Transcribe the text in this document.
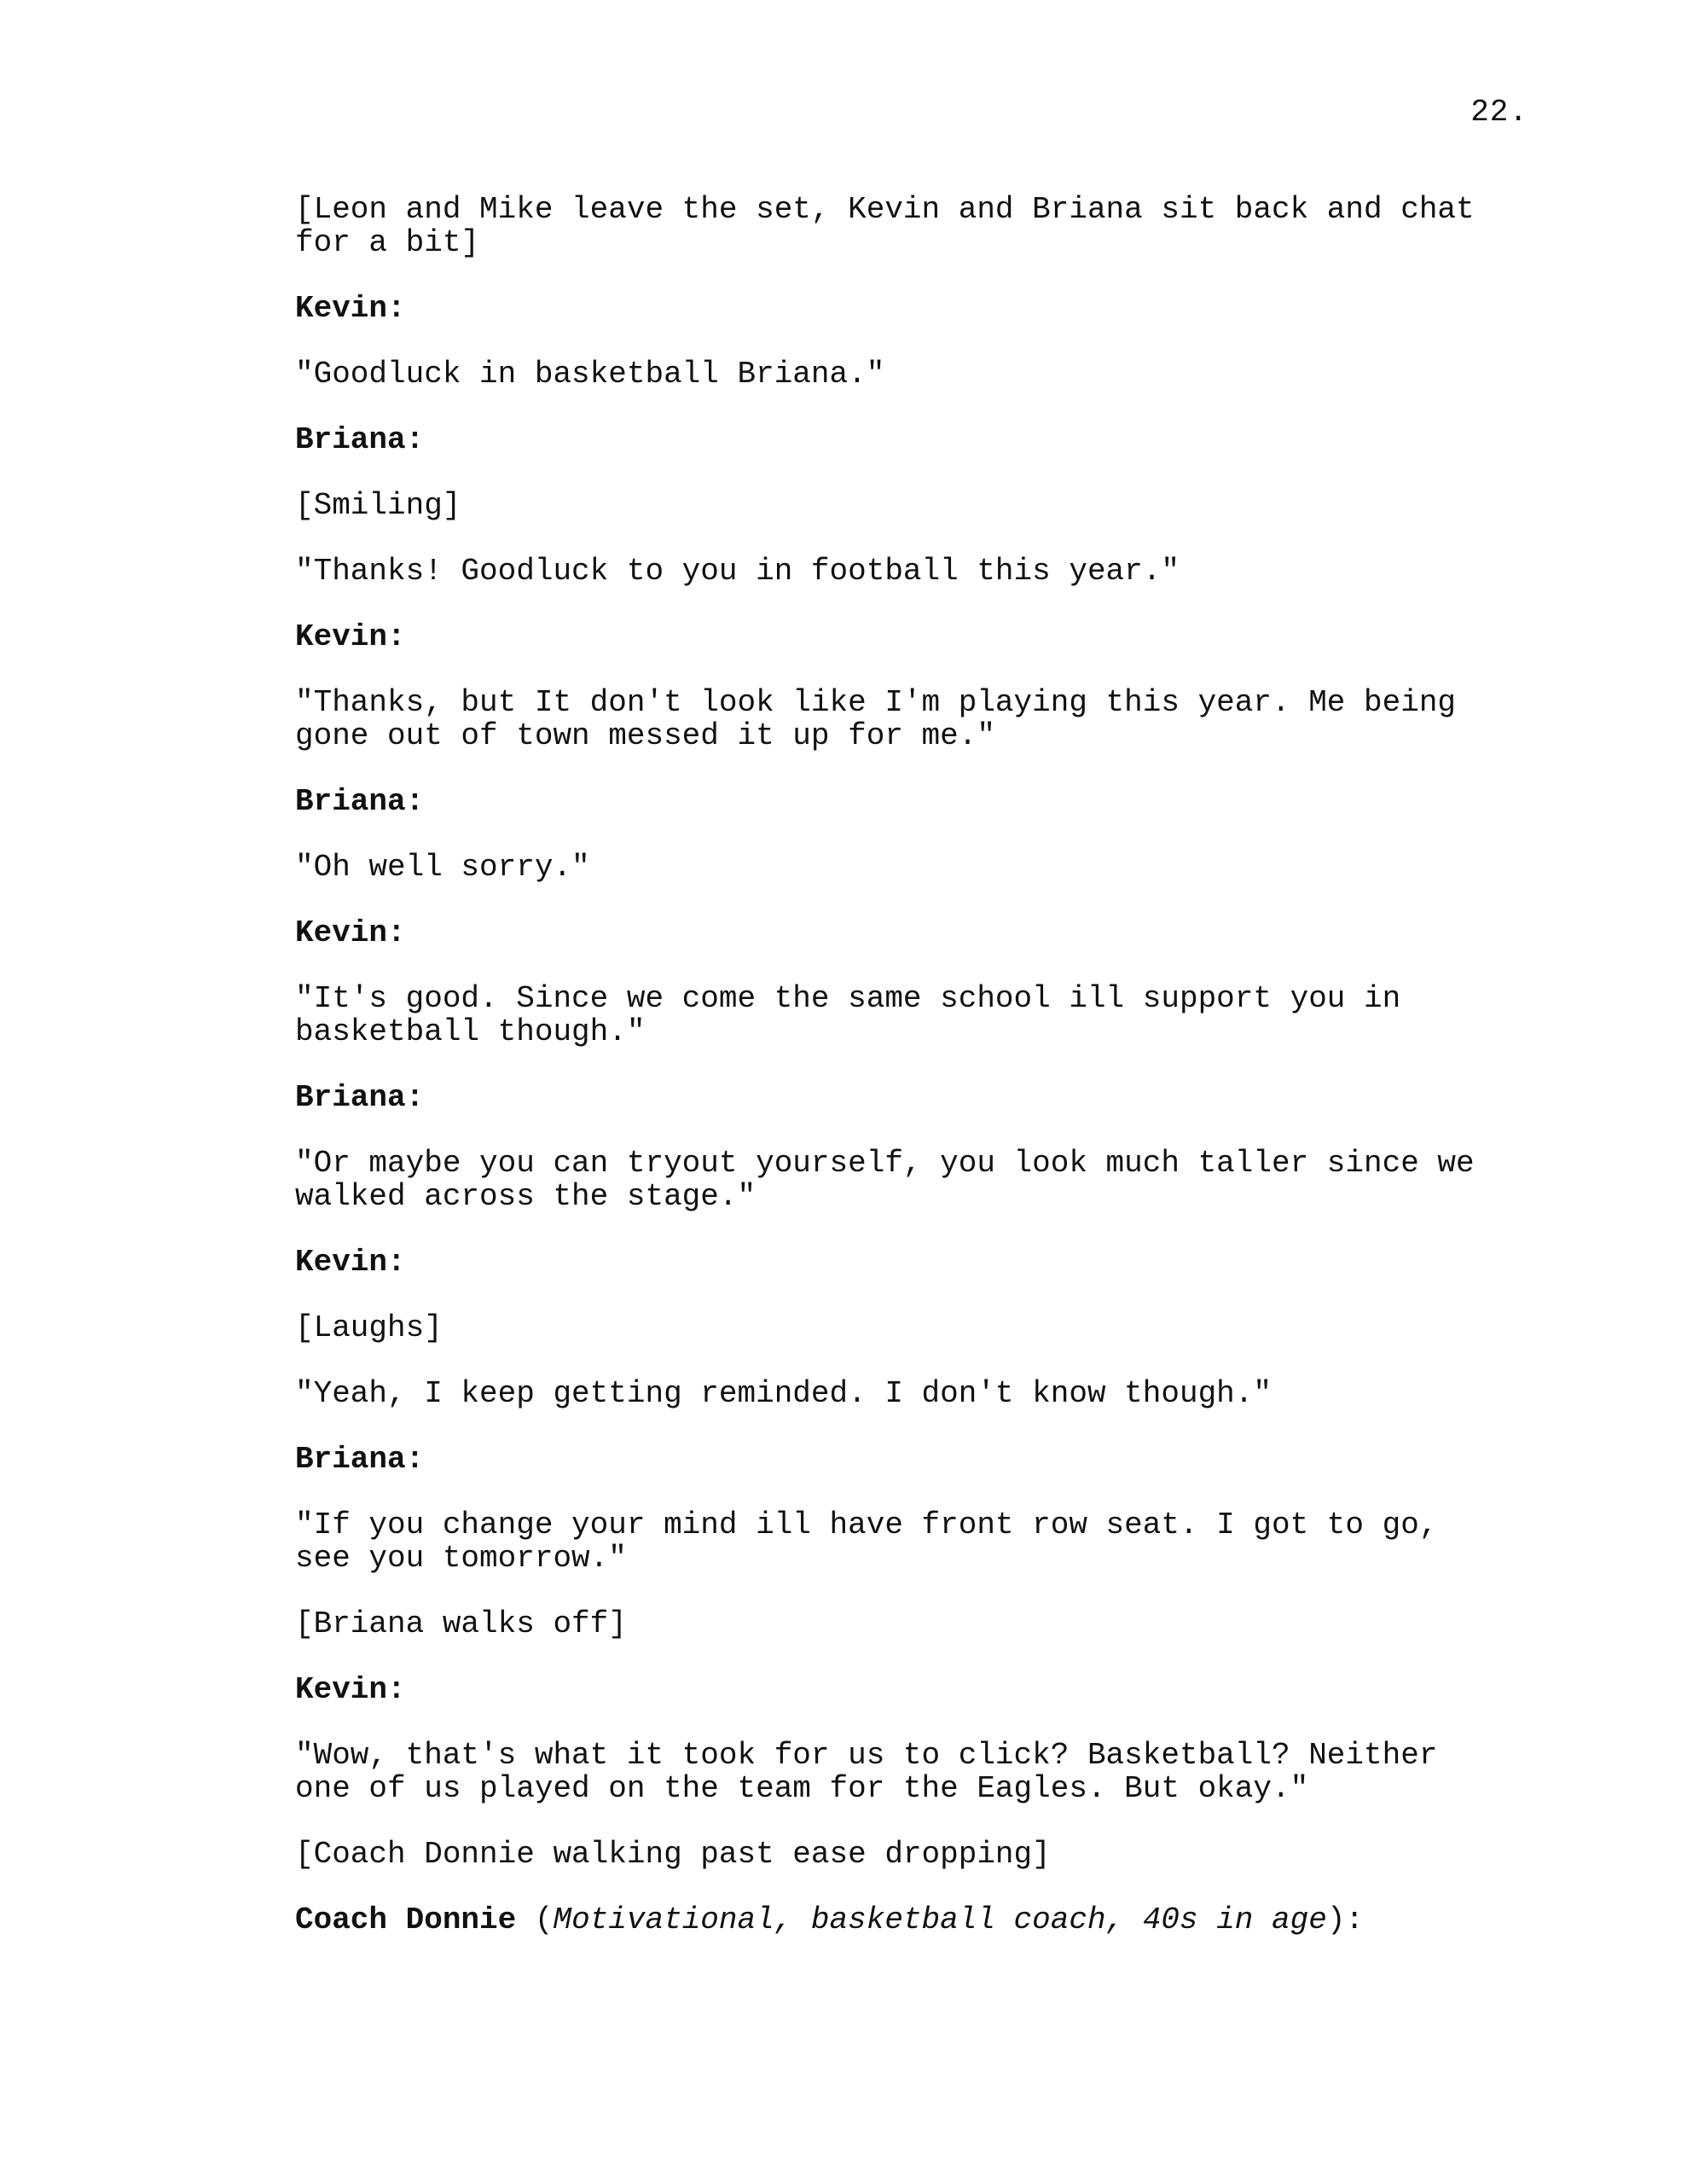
22.

[Leon and Mike leave the set, Kevin and Briana sit back and chat for a bit]

Kevin:

"Goodluck in basketball Briana."

Briana:

[Smiling]

"Thanks! Goodluck to you in football this year."

Kevin:

"Thanks, but It don't look like I'm playing this year. Me being gone out of town messed it up for me."

Briana:

"Oh well sorry."

Kevin:

"It's good. Since we come the same school ill support you in basketball though."

Briana:

"Or maybe you can tryout yourself, you look much taller since we walked across the stage."

Kevin:

[Laughs]

"Yeah, I keep getting reminded. I don't know though."

Briana:

"If you change your mind ill have front row seat. I got to go, see you tomorrow."

[Briana walks off]

Kevin:

"Wow, that's what it took for us to click? Basketball? Neither one of us played on the team for the Eagles. But okay."

[Coach Donnie walking past ease dropping]

Coach Donnie (Motivational, basketball coach, 40s in age):
